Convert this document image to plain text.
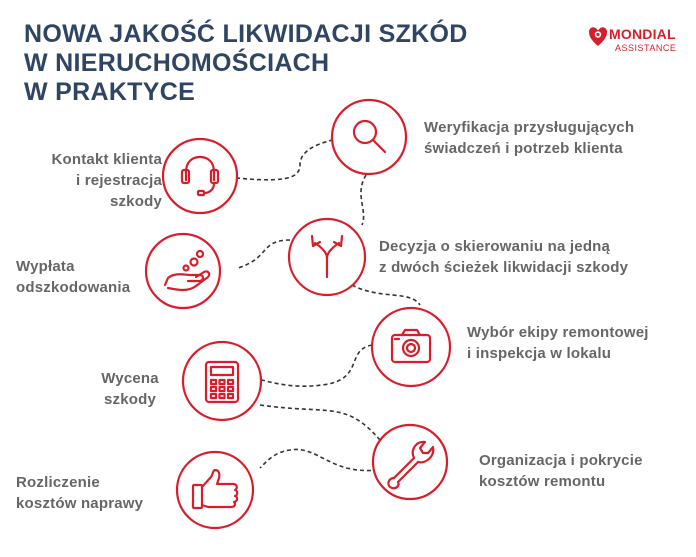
NOWA JAKOŚĆ LIKWIDACJI SZKÓD
W NIERUCHOMOŚCIACH
W PRAKTYCE
MONDIAL
ASSISTANCE
Kontakt klienta
i rejestracja
szkody
Weryfikacja przysługujących
świadczeń i potrzeb klienta
Decyzja o skierowaniu na jedną
z dwóch ścieżek likwidacji szkody
Wypłata
odszkodowania
Wybór ekipy remontowej
i inspekcja w lokalu
Wycena
szkody
Organizacja i pokrycie
kosztów remontu
Rozliczenie
kosztów naprawy
